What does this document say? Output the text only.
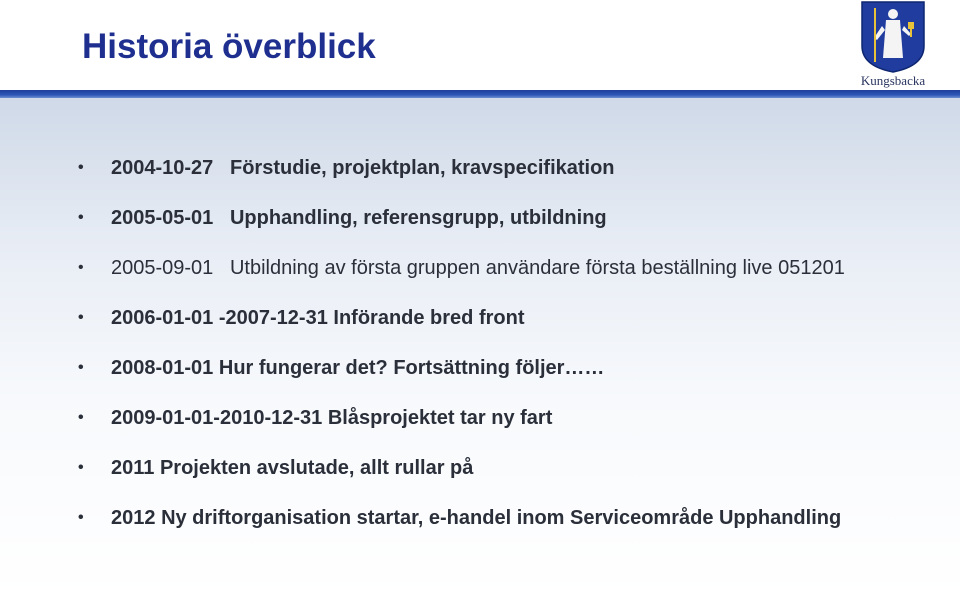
Historia överblick
Kungsbacka
• 2004-10-27 Förstudie, projektplan, kravspecifikation
• 2005-05-01 Upphandling, referensgrupp, utbildning
• 2005-09-01 Utbildning av första gruppen användare första beställning live 051201
• 2006-01-01 -2007-12-31 Införande bred front
• 2008-01-01 Hur fungerar det? Fortsättning följer……
• 2009-01-01-2010-12-31 Blåsprojektet tar ny fart
• 2011 Projekten avslutade, allt rullar på
• 2012 Ny driftorganisation startar, e-handel inom Serviceområde Upphandling
